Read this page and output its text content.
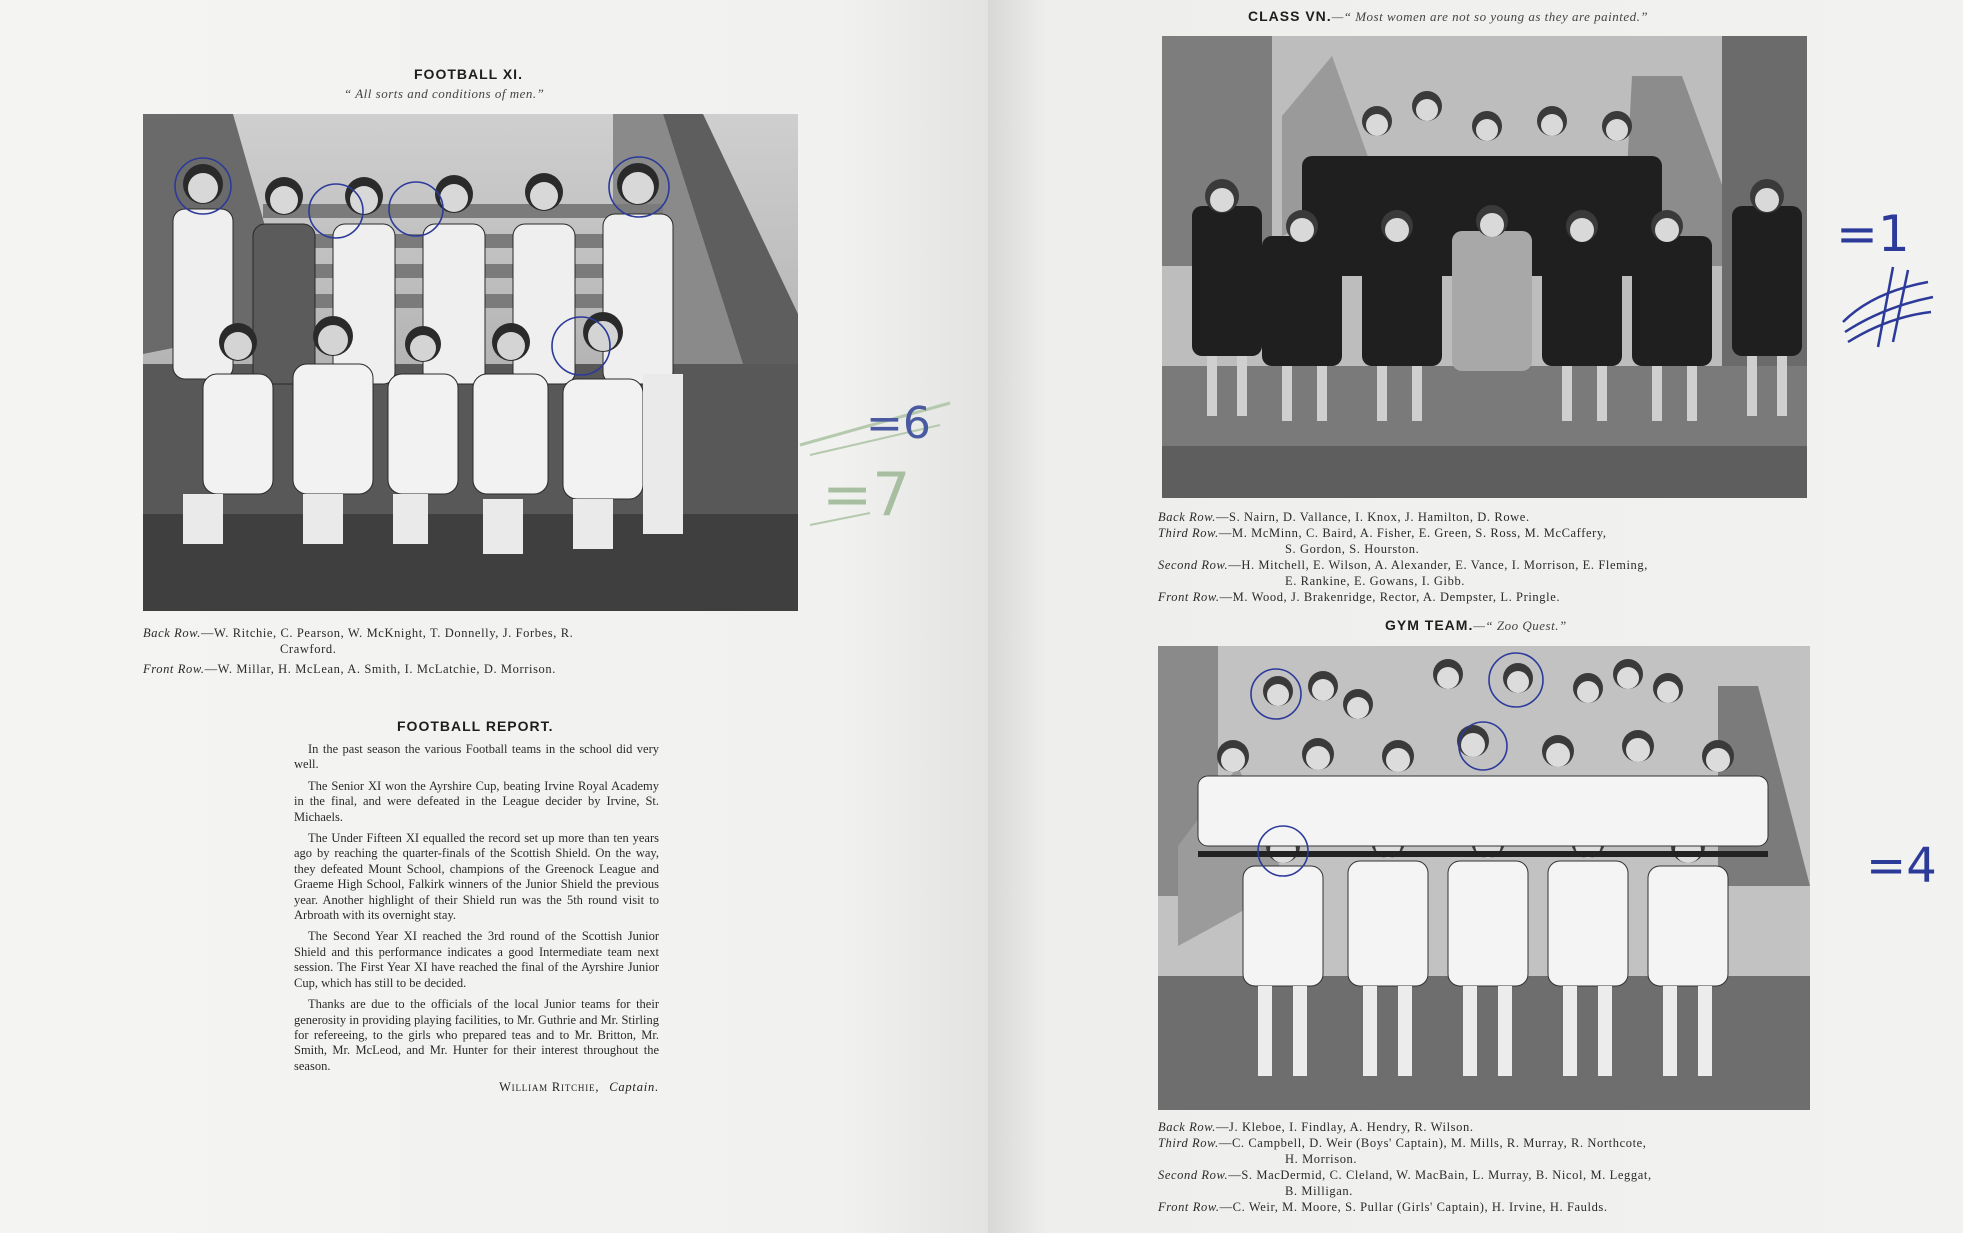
FOOTBALL XI.
“ All sorts and conditions of men.”
Back Row.—W. Ritchie, C. Pearson, W. McKnight, T. Donnelly, J. Forbes, R.
Crawford.
Front Row.—W. Millar, H. McLean, A. Smith, I. McLatchie, D. Morrison.
FOOTBALL REPORT.

In the past season the various Football teams in the school did very well.

The Senior XI won the Ayrshire Cup, beating Irvine Royal Academy in the final, and were defeated in the League decider by Irvine, St. Michaels.

The Under Fifteen XI equalled the record set up more than ten years ago by reaching the quarter-finals of the Scottish Shield. On the way, they defeated Mount School, champions of the Greenock League and Graeme High School, Falkirk winners of the Junior Shield the previous year. Another highlight of their Shield run was the 5th round visit to Arbroath with its overnight stay.

The Second Year XI reached the 3rd round of the Scottish Junior Shield and this performance indicates a good Intermediate team next session. The First Year XI have reached the final of the Ayrshire Junior Cup, which has still to be decided.

Thanks are due to the officials of the local Junior teams for their generosity in providing playing facilities, to Mr. Guthrie and Mr. Stirling for refereeing, to the girls who prepared teas and to Mr. Britton, Mr. Smith, Mr. McLeod, and Mr. Hunter for their interest throughout the season.

William Ritchie, Captain.
=6
=7
CLASS VN.—“ Most women are not so young as they are painted.”
Back Row.—S. Nairn, D. Vallance, I. Knox, J. Hamilton, D. Rowe.
Third Row.—M. McMinn, C. Baird, A. Fisher, E. Green, S. Ross, M. McCaffery,
S. Gordon, S. Hourston.
Second Row.—H. Mitchell, E. Wilson, A. Alexander, E. Vance, I. Morrison, E. Fleming,
E. Rankine, E. Gowans, I. Gibb.
Front Row.—M. Wood, J. Brakenridge, Rector, A. Dempster, L. Pringle.
GYM TEAM.—“ Zoo Quest.”
Back Row.—J. Kleboe, I. Findlay, A. Hendry, R. Wilson.
Third Row.—C. Campbell, D. Weir (Boys' Captain), M. Mills, R. Murray, R. Northcote,
H. Morrison.
Second Row.—S. MacDermid, C. Cleland, W. MacBain, L. Murray, B. Nicol, M. Leggat,
B. Milligan.
Front Row.—C. Weir, M. Moore, S. Pullar (Girls' Captain), H. Irvine, H. Faulds.
=1
=4
